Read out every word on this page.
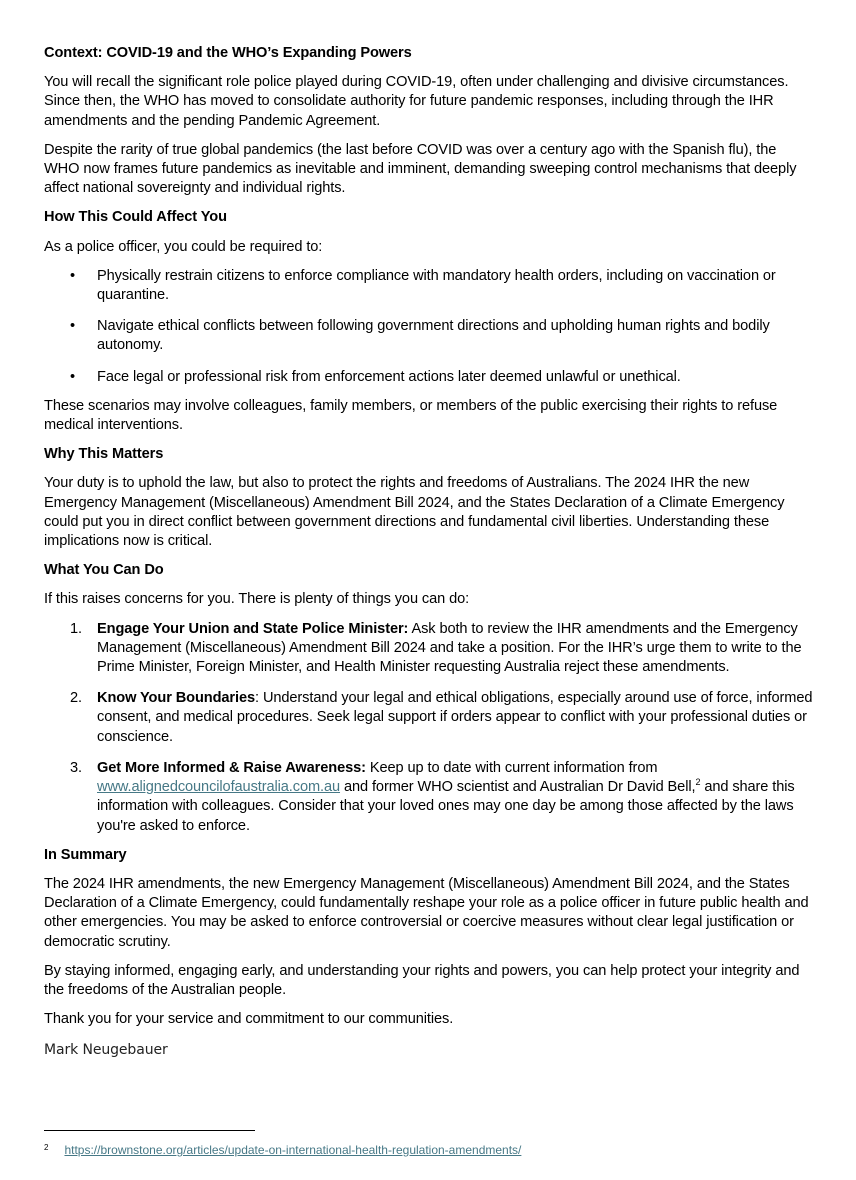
Context: COVID-19 and the WHO’s Expanding Powers

You will recall the significant role police played during COVID-19, often under challenging and divisive circumstances. Since then, the WHO has moved to consolidate authority for future pandemic responses, including through the IHR amendments and the pending Pandemic Agreement.

Despite the rarity of true global pandemics (the last before COVID was over a century ago with the Spanish flu), the WHO now frames future pandemics as inevitable and imminent, demanding sweeping control mechanisms that deeply affect national sovereignty and individual rights.

How This Could Affect You

As a police officer, you could be required to:

• Physically restrain citizens to enforce compliance with mandatory health orders, including on vaccination or quarantine.
• Navigate ethical conflicts between following government directions and upholding human rights and bodily autonomy.
• Face legal or professional risk from enforcement actions later deemed unlawful or unethical.

These scenarios may involve colleagues, family members, or members of the public exercising their rights to refuse medical interventions.

Why This Matters

Your duty is to uphold the law, but also to protect the rights and freedoms of Australians. The 2024 IHR the new Emergency Management (Miscellaneous) Amendment Bill 2024, and the States Declaration of a Climate Emergency could put you in direct conflict between government directions and fundamental civil liberties. Understanding these implications now is critical.

What You Can Do

If this raises concerns for you. There is plenty of things you can do:

1. Engage Your Union and State Police Minister: Ask both to review the IHR amendments and the Emergency Management (Miscellaneous) Amendment Bill 2024 and take a position. For the IHR’s urge them to write to the Prime Minister, Foreign Minister, and Health Minister requesting Australia reject these amendments.
2. Know Your Boundaries: Understand your legal and ethical obligations, especially around use of force, informed consent, and medical procedures. Seek legal support if orders appear to conflict with your professional duties or conscience.
3. Get More Informed & Raise Awareness: Keep up to date with current information from www.alignedcouncilofaustralia.com.au and former WHO scientist and Australian Dr David Bell,$^2$ and share this information with colleagues. Consider that your loved ones may one day be among those affected by the laws you're asked to enforce.
In Summary

The 2024 IHR amendments, the new Emergency Management (Miscellaneous) Amendment Bill 2024, and the States Declaration of a Climate Emergency, could fundamentally reshape your role as a police officer in future public health and other emergencies. You may be asked to enforce controversial or coercive measures without clear legal justification or democratic scrutiny.

By staying informed, engaging early, and understanding your rights and powers, you can help protect your integrity and the freedoms of the Australian people.

Thank you for your service and commitment to our communities.

Mark Neugebauer
$^2$ https://brownstone.org/articles/update-on-international-health-regulation-amendments/
